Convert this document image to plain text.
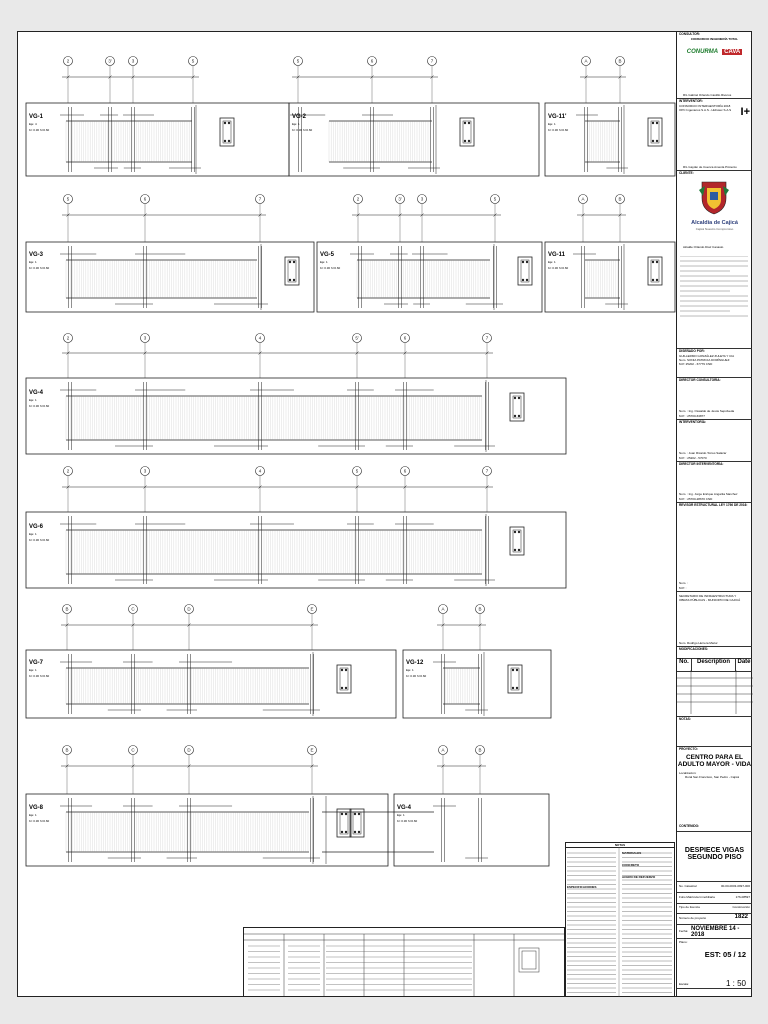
2	3'	3	5	5	6	7	A	B
5	6	7	2	3'	3	5	A	B
2	3	4	5'	6	7
2	3	4	5	6	7
B	C	D	E	A	B
B	C	D	E	A	B
VG-1
Eje: 4
b= 0.30 h=0.60
VG-2
Eje: 1
b= 0.30 h=0.60
VG-11'
Eje: 1
b= 0.30 h=0.60
VG-3
Eje: 1
b= 0.30 h=0.60
VG-5
Eje: 1
b= 0.30 h=0.60
VG-11
Eje: 1
b= 0.30 h=0.60
VG-4
Eje: 1
b= 0.30 h=0.60
VG-6
Eje: 1
b= 0.30 h=0.60
VG-7
Eje: 1
b= 0.30 h=0.60
VG-12
Eje: 1
b= 0.30 h=0.60
VG-8
Eje: 1
b= 0.30 h=0.60
VG-4
Eje: 1
b= 0.30 h=0.60
CONSULTOR:
CONSORCIO INGENIERÍA TOTAL
CONURMA	CAVA
R/L Gabriel Orlando Castillo Riveros
INTERVENTOR:
CONSORCIO INTERGENTORÍA 2018
OPC Ingenieros S.A.S - Hidrotec S.A.S I+
R/L Gaytán de Cuenca Amenla Pimiento
CLIENTE:
Alcaldía de Cajicá
Cajicá Nuestro Compromiso
Alcalde Orlando Díaz Canasto
DISEÑADO POR:
GUILLERMO GONZÁLEZ ZULETA Y CIA
Nom. SONIA PATRICIA DOMÍNGUEZ
M.P. 25202 - 67779 CND
DIRECTOR CONSULTORÍA:
Nom. : Ing. Oswaldo de Jesús Sepúlveda
M.P. : 25700-63877
INTERVENTORÍA:
Nom. : Juan Ricardo Torres Salazar
M.P. : 25202 - 57070
DIRECTOR INTERVENTORÍA:
Nom. : Ing. Jorge Enrique Angarita Sánchez
M.P. : 25700-28670 CND
REVISOR ESTRUCTURAL LEY 1796 DE 2016:
Nom. :
M.P. :
SECRETARIO DE INFRAESTRUCTURA Y
OBRAS PÚBLICAS - MUNICIPIO DE CAJICÁ
Nom. Rodrigo Herrera Mazur
MODIFICACIONES:
No.	Description	Date
NOTAS:
PROYECTO:
CENTRO PARA EL
ADULTO MAYOR - VIDA
Localización:
Rural San Francisco, San Pedro - Cajicá
CONTENIDO:
DESPIECE VIGAS
SEGUNDO PISO
No. Catastral	00-00-0003-0997-000
Folio Matrícula Inmobiliaria	176-08597
Tipo de licencia	Construcción
Número de proyecto	1822
Fecha: NOVIEMBRE 14 - 2018
Plano:
EST: 05 / 12
Escala:	1 : 50
NOTAS
ESPECIFICACIONES
MATERIALES
CONCRETO
ACERO DE REFUERZO
